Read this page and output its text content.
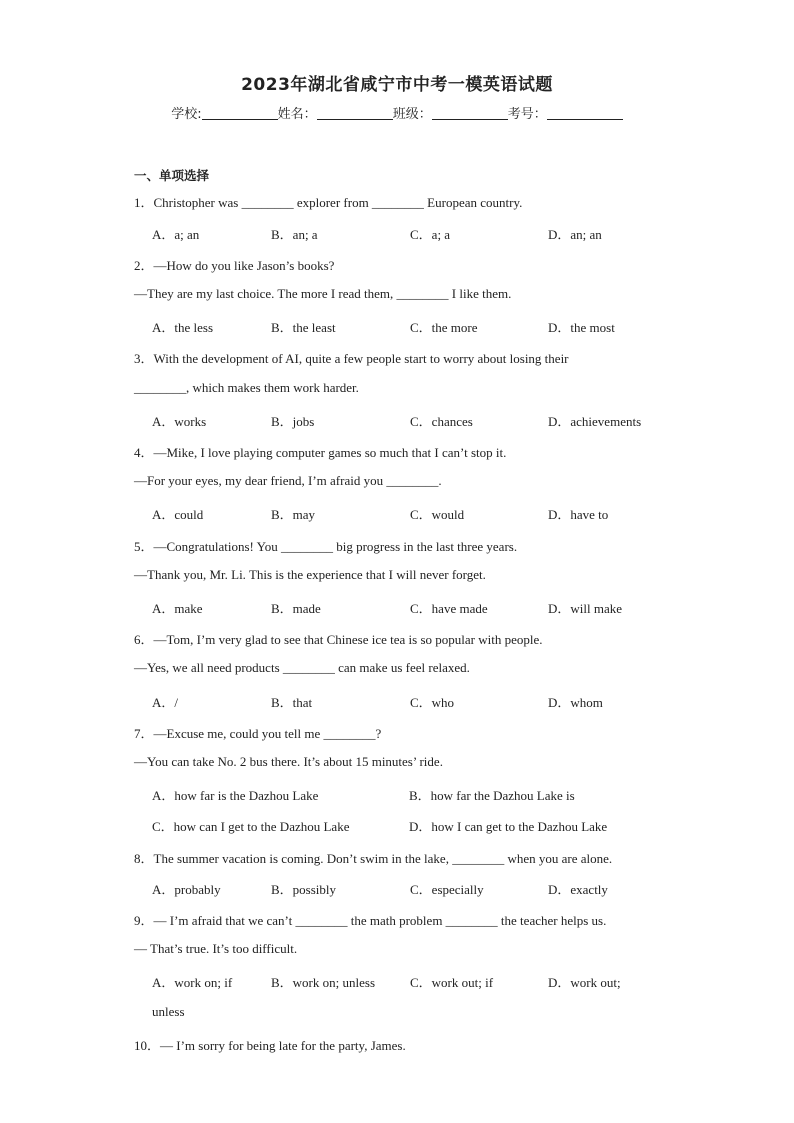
2023年湖北省咸宁市中考一模英语试题
学校:	姓名：	班级：	考号：
一、单项选择
1．Christopher was ________ explorer from ________ European country.
A．a; an	B．an; a	C．a; a	D．an; an
2．—How do you like Jason’s books?
—They are my last choice. The more I read them, ________ I like them.
A．the less	B．the least	C．the more	D．the most
3．With the development of AI, quite a few people start to worry about losing their
________, which makes them work harder.
A．works	B．jobs	C．chances	D．achievements
4．—Mike, I love playing computer games so much that I can’t stop it.
—For your eyes, my dear friend, I’m afraid you ________.
A．could	B．may	C．would	D．have to
5．—Congratulations! You ________ big progress in the last three years.
—Thank you, Mr. Li. This is the experience that I will never forget.
A．make	B．made	C．have made	D．will make
6．—Tom, I’m very glad to see that Chinese ice tea is so popular with people.
—Yes, we all need products ________ can make us feel relaxed.
A．/	B．that	C．who	D．whom
7．—Excuse me, could you tell me ________?
—You can take No. 2 bus there. It’s about 15 minutes’ ride.
A．how far is the Dazhou Lake	B．how far the Dazhou Lake is
C．how can I get to the Dazhou Lake	D．how I can get to the Dazhou Lake
8．The summer vacation is coming. Don’t swim in the lake, ________ when you are alone.
A．probably	B．possibly	C．especially	D．exactly
9．— I’m afraid that we can’t ________ the math problem ________ the teacher helps us.
— That’s true. It’s too difficult.
A．work on; if	B．work on; unless	C．work out; if	D．work out;
unless
10．— I’m sorry for being late for the party, James.
